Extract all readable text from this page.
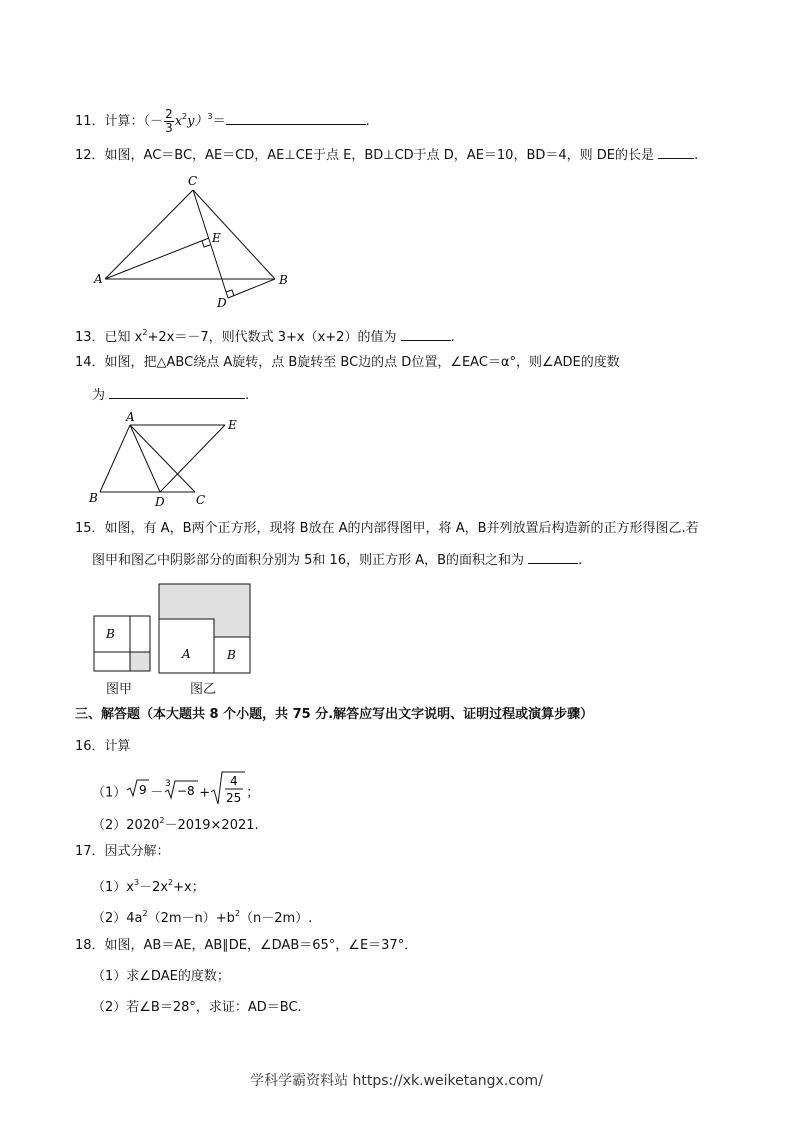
11．计算：（－ $\frac{2}{3} x^2y)^3=$	.
12．如图，AC＝BC，AE＝CD，AE⊥CE于点 E，BD⊥CD于点 D，AE＝10，BD＝4，则 DE的长是	.
C
E
A	B
D
13．已知 $x^2+2x=-7$，则代数式 3+x（x+2）的值为	.
14．如图，把△ABC绕点 A旋转，点 B旋转至 BC边的点 D位置，∠EAC＝α°，则∠ADE的度数
为	.
A
E
B	D	C
15．如图，有 A，B两个正方形，现将 B放在 A的内部得图甲，将 A，B并列放置后构造新的正方形得图乙.若
图甲和图乙中阴影部分的面积分别为 5和 16，则正方形 A，B的面积之和为	.
B
A	B
图甲	图乙
三、解答题（本大题共 8 个小题，共 75 分.解答应写出文字说明、证明过程或演算步骤）
16．计算
（1） 9 －
3 −8 +
4
25 ；
$(2)2020^2-2019\times 2021$.
17．因式分解：
$(1)x^3-2x^2+x$；
$(2)4a^2(2m-n)+b^2(n-2m)$.
18．如图，AB＝AE，AB∥DE，∠DAB＝65°，∠E＝37°．
（1）求∠DAE的度数；
（2）若∠B＝28°，求证：AD＝BC.
学科学霸资料站 https://xk.weiketangx.com/
